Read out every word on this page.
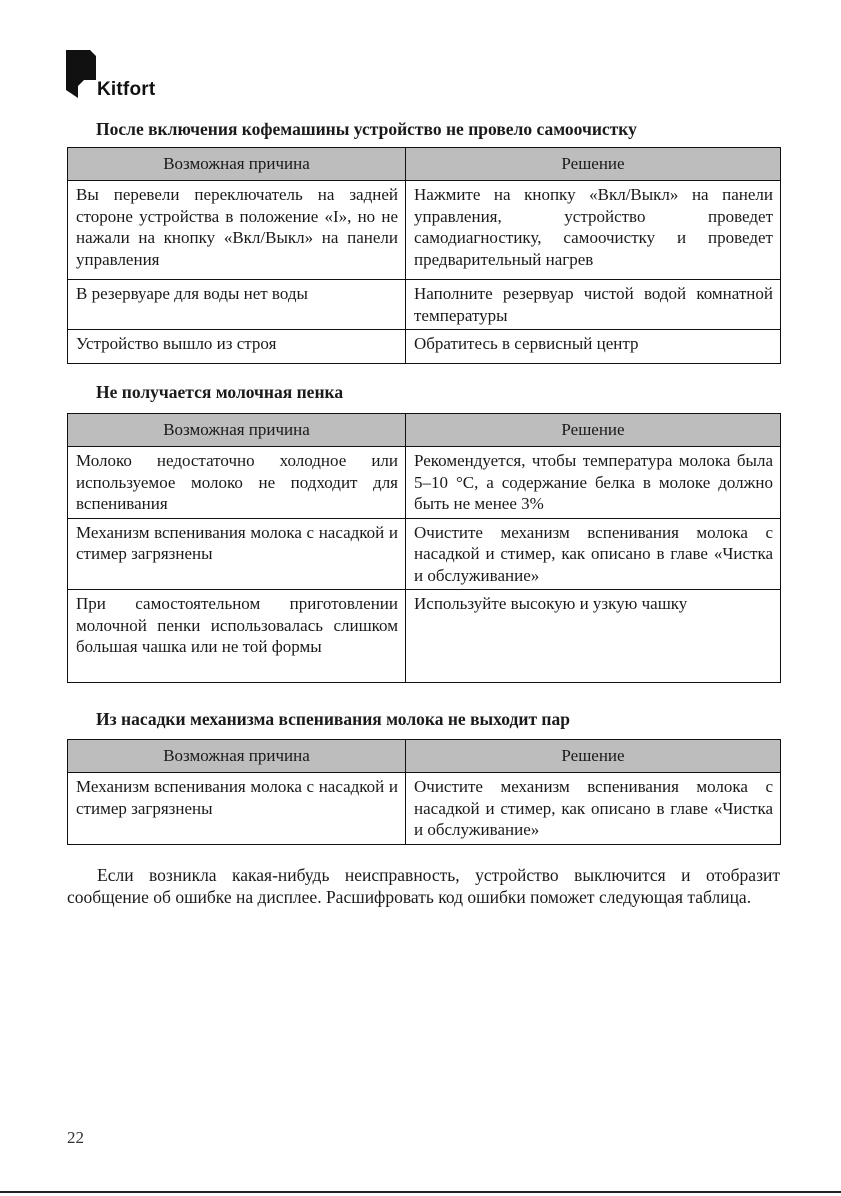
Kitfort
После включения кофемашины устройство не провело самоочистку
Возможная причина	Решение
Вы перевели переключатель на задней стороне устройства в положение «I», но не нажали на кнопку «Вкл/Выкл» на панели управления	Нажмите на кнопку «Вкл/Выкл» на панели управления, устройство проведет самодиагностику, самоочистку и проведет предварительный нагрев
В резервуаре для воды нет воды	Наполните резервуар чистой водой комнатной температуры
Устройство вышло из строя	Обратитесь в сервисный центр
Не получается молочная пенка
Возможная причина	Решение
Молоко недостаточно холодное или используемое молоко не подходит для вспенивания	Рекомендуется, чтобы температура молока была 5–10 °С, а содержание белка в молоке должно быть не менее 3%
Механизм вспенивания молока с насадкой и стимер загрязнены	Очистите механизм вспенивания молока с насадкой и стимер, как описано в главе «Чистка и обслуживание»
При самостоятельном приготовлении молочной пенки использовалась слишком большая чашка или не той формы	Используйте высокую и узкую чашку
Из насадки механизма вспенивания молока не выходит пар
Возможная причина	Решение
Механизм вспенивания молока с насадкой и стимер загрязнены	Очистите механизм вспенивания молока с насадкой и стимер, как описано в главе «Чистка и обслуживание»
Если возникла какая-нибудь неисправность, устройство выключится и отобразит сообщение об ошибке на дисплее. Расшифровать код ошибки поможет следующая таблица.
22
